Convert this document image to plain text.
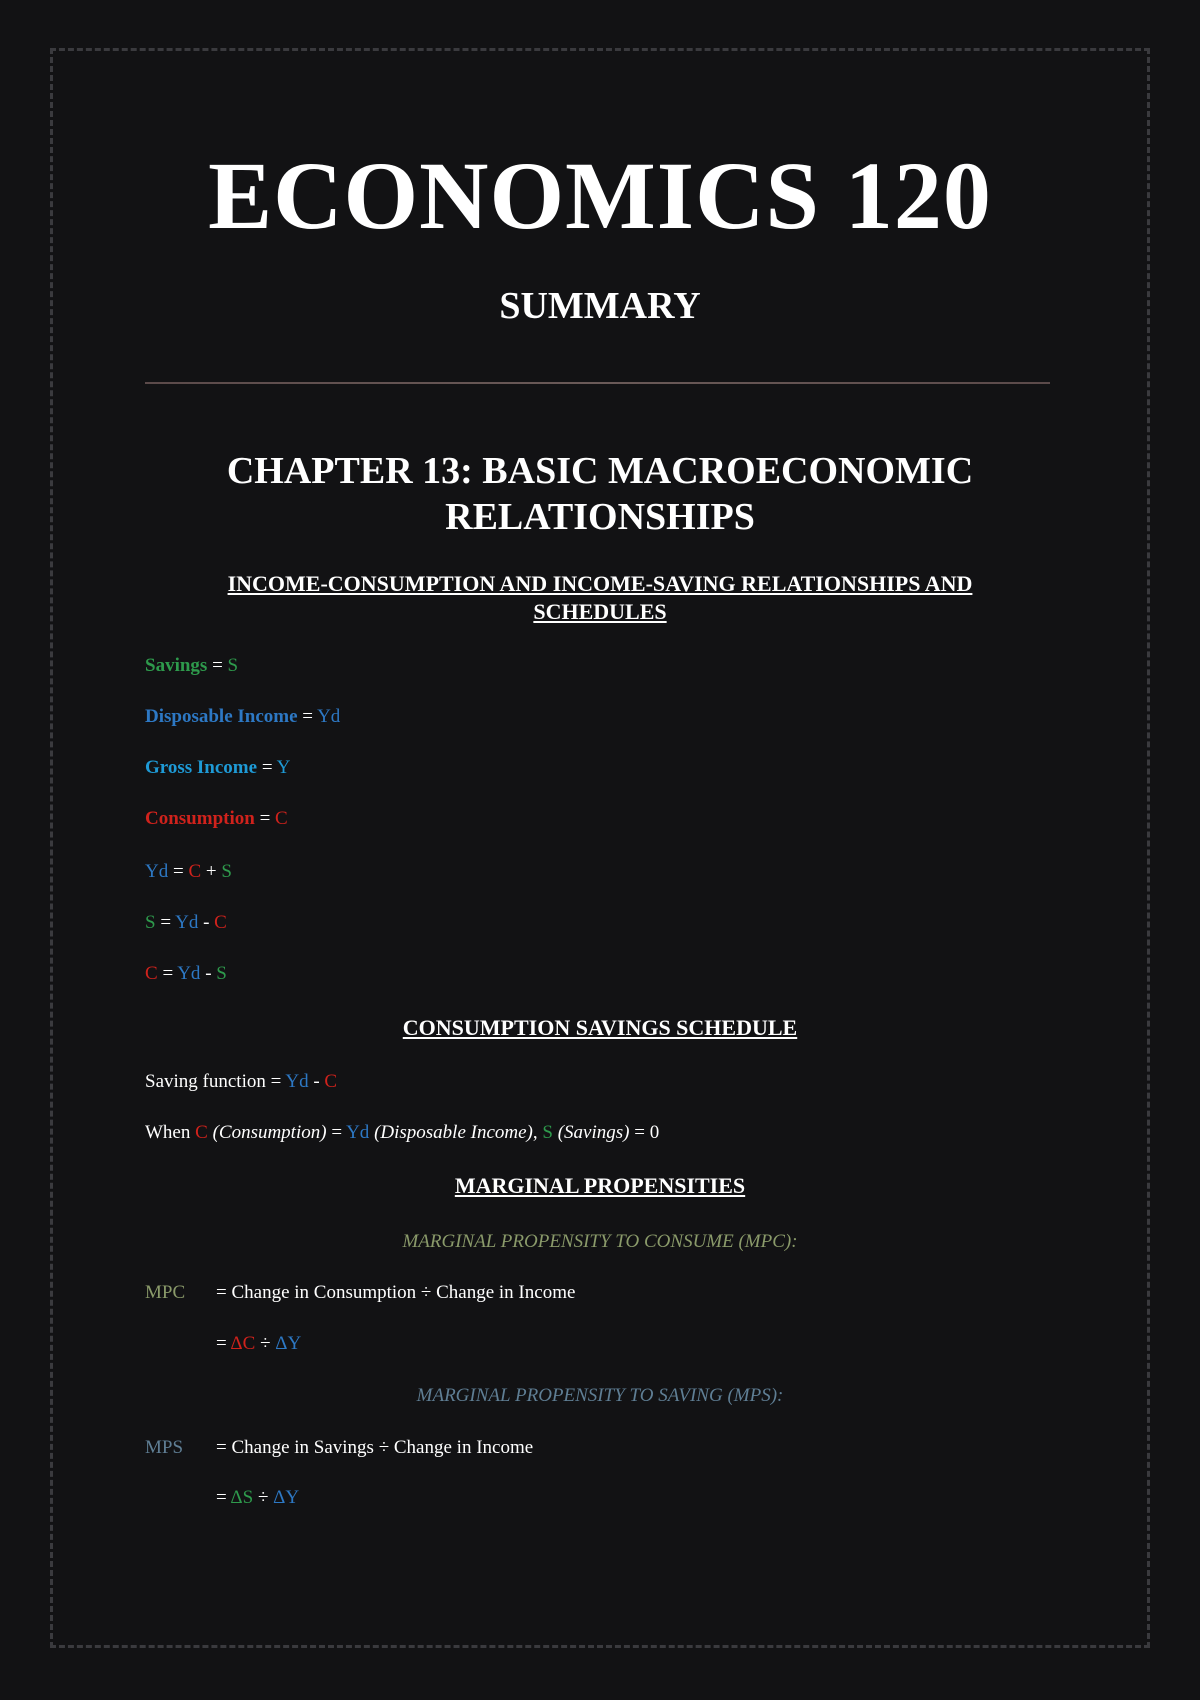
ECONOMICS 120
SUMMARY
CHAPTER 13: BASIC MACROECONOMIC
RELATIONSHIPS
INCOME-CONSUMPTION AND INCOME-SAVING RELATIONSHIPS AND
SCHEDULES
Savings = S
Disposable Income = Yd
Gross Income = Y
Consumption = C
Yd = C + S
S = Yd - C
C = Yd - S
CONSUMPTION SAVINGS SCHEDULE
Saving function = Yd - C
When C (Consumption) = Yd (Disposable Income), S (Savings) = 0
MARGINAL PROPENSITIES
MARGINAL PROPENSITY TO CONSUME (MPC):
MPC = Change in Consumption ÷ Change in Income
= ΔC ÷ ΔY
MARGINAL PROPENSITY TO SAVING (MPS):
MPS = Change in Savings ÷ Change in Income
= ΔS ÷ ΔY
